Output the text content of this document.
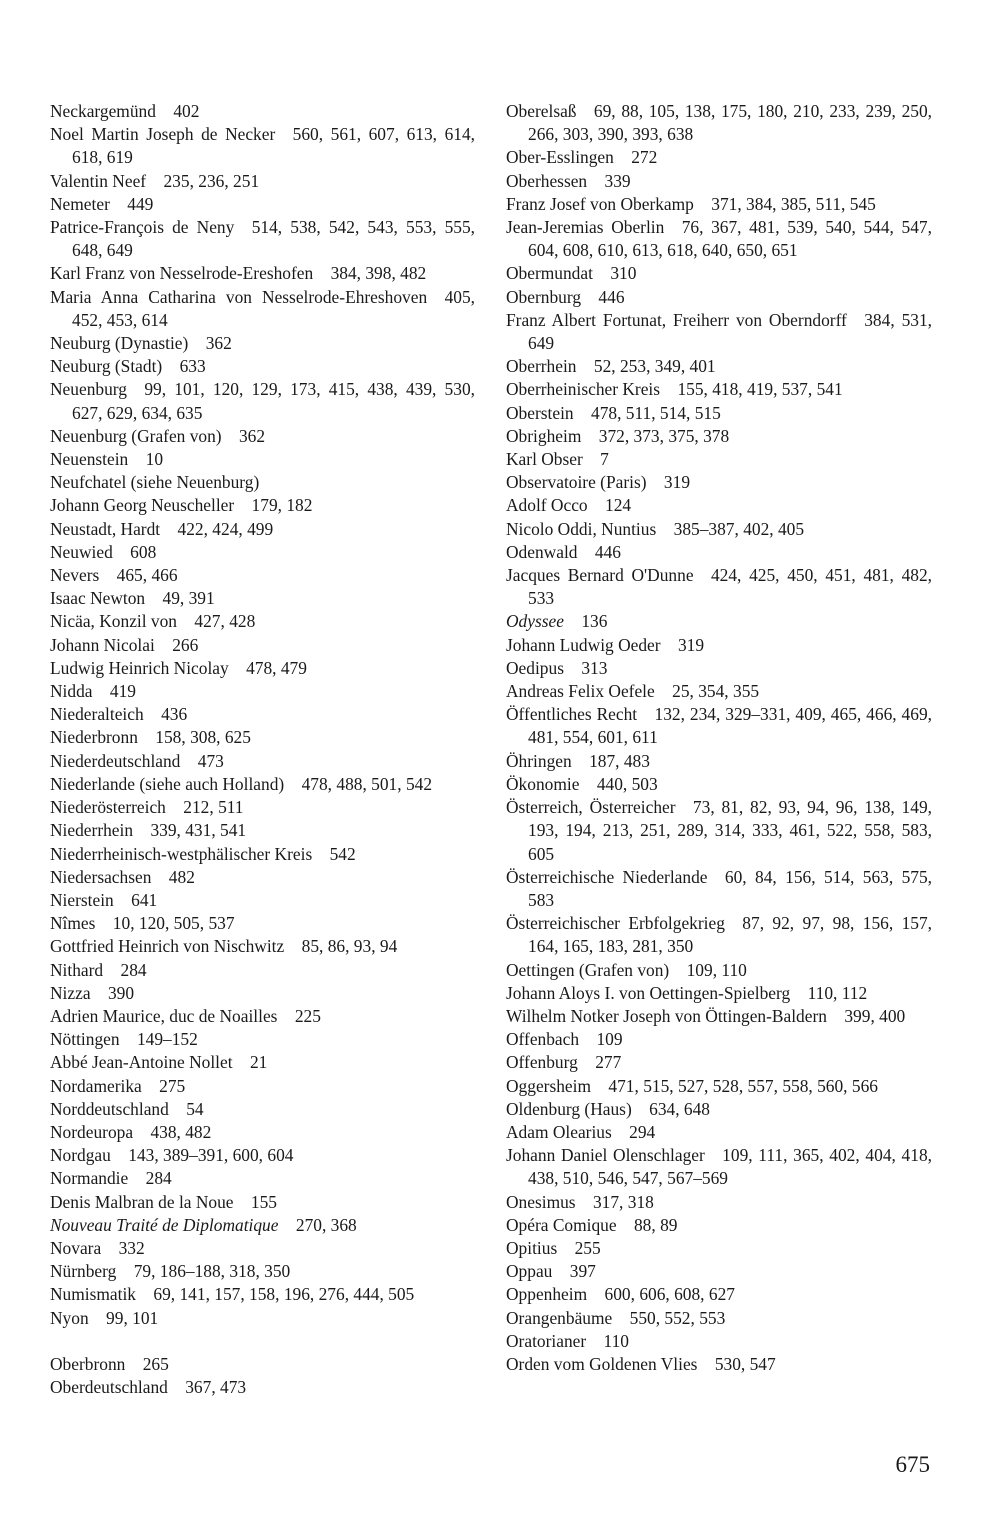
Neckargemünd  402

Noel Martin Joseph de Necker  560, 561, 607, 613, 614, 618, 619

Valentin Neef  235, 236, 251

Nemeter  449

Patrice-François de Neny  514, 538, 542, 543, 553, 555, 648, 649

Karl Franz von Nesselrode-Ereshofen  384, 398, 482

Maria Anna Catharina von Nesselrode-Ehreshoven  405, 452, 453, 614

Neuburg (Dynastie)  362

Neuburg (Stadt)  633

Neuenburg  99, 101, 120, 129, 173, 415, 438, 439, 530, 627, 629, 634, 635

Neuenburg (Grafen von)  362

Neuenstein  10

Neufchatel (siehe Neuenburg)

Johann Georg Neuscheller  179, 182

Neustadt, Hardt  422, 424, 499

Neuwied  608

Nevers  465, 466

Isaac Newton  49, 391

Nicäa, Konzil von  427, 428

Johann Nicolai  266

Ludwig Heinrich Nicolay  478, 479

Nidda  419

Niederalteich  436

Niederbronn  158, 308, 625

Niederdeutschland  473

Niederlande (siehe auch Holland)  478, 488, 501, 542

Niederösterreich  212, 511

Niederrhein  339, 431, 541

Niederrheinisch-westphälischer Kreis  542

Niedersachsen  482

Nierstein  641

Nîmes  10, 120, 505, 537

Gottfried Heinrich von Nischwitz  85, 86, 93, 94

Nithard  284

Nizza  390

Adrien Maurice, duc de Noailles  225

Nöttingen  149–152

Abbé Jean-Antoine Nollet  21

Nordamerika  275

Norddeutschland  54

Nordeuropa  438, 482

Nordgau  143, 389–391, 600, 604

Normandie  284

Denis Malbran de la Noue  155

Nouveau Traité de Diplomatique  270, 368

Novara  332

Nürnberg  79, 186–188, 318, 350

Numismatik  69, 141, 157, 158, 196, 276, 444, 505

Nyon  99, 101

Oberbronn  265

Oberdeutschland  367, 473

Oberelsaß  69, 88, 105, 138, 175, 180, 210, 233, 239, 250, 266, 303, 390, 393, 638

Ober-Esslingen  272

Oberhessen  339

Franz Josef von Oberkamp  371, 384, 385, 511, 545

Jean-Jeremias Oberlin  76, 367, 481, 539, 540, 544, 547, 604, 608, 610, 613, 618, 640, 650, 651

Obermundat  310

Obernburg  446

Franz Albert Fortunat, Freiherr von Oberndorff  384, 531, 649

Oberrhein  52, 253, 349, 401

Oberrheinischer Kreis  155, 418, 419, 537, 541

Oberstein  478, 511, 514, 515

Obrigheim  372, 373, 375, 378

Karl Obser  7

Observatoire (Paris)  319

Adolf Occo  124

Nicolo Oddi, Nuntius  385–387, 402, 405

Odenwald  446

Jacques Bernard O'Dunne  424, 425, 450, 451, 481, 482, 533

Odyssee  136

Johann Ludwig Oeder  319

Oedipus  313

Andreas Felix Oefele  25, 354, 355

Öffentliches Recht  132, 234, 329–331, 409, 465, 466, 469, 481, 554, 601, 611

Öhringen  187, 483

Ökonomie  440, 503

Österreich, Österreicher  73, 81, 82, 93, 94, 96, 138, 149, 193, 194, 213, 251, 289, 314, 333, 461, 522, 558, 583, 605

Österreichische Niederlande  60, 84, 156, 514, 563, 575, 583

Österreichischer Erbfolgekrieg  87, 92, 97, 98, 156, 157, 164, 165, 183, 281, 350

Oettingen (Grafen von)  109, 110

Johann Aloys I. von Oettingen-Spielberg  110, 112

Wilhelm Notker Joseph von Öttingen-Baldern  399, 400

Offenbach  109

Offenburg  277

Oggersheim  471, 515, 527, 528, 557, 558, 560, 566

Oldenburg (Haus)  634, 648

Adam Olearius  294

Johann Daniel Olenschlager  109, 111, 365, 402, 404, 418, 438, 510, 546, 547, 567–569

Onesimus  317, 318

Opéra Comique  88, 89

Opitius  255

Oppau  397

Oppenheim  600, 606, 608, 627

Orangenbäume  550, 552, 553

Oratorianer  110

Orden vom Goldenen Vlies  530, 547

675
